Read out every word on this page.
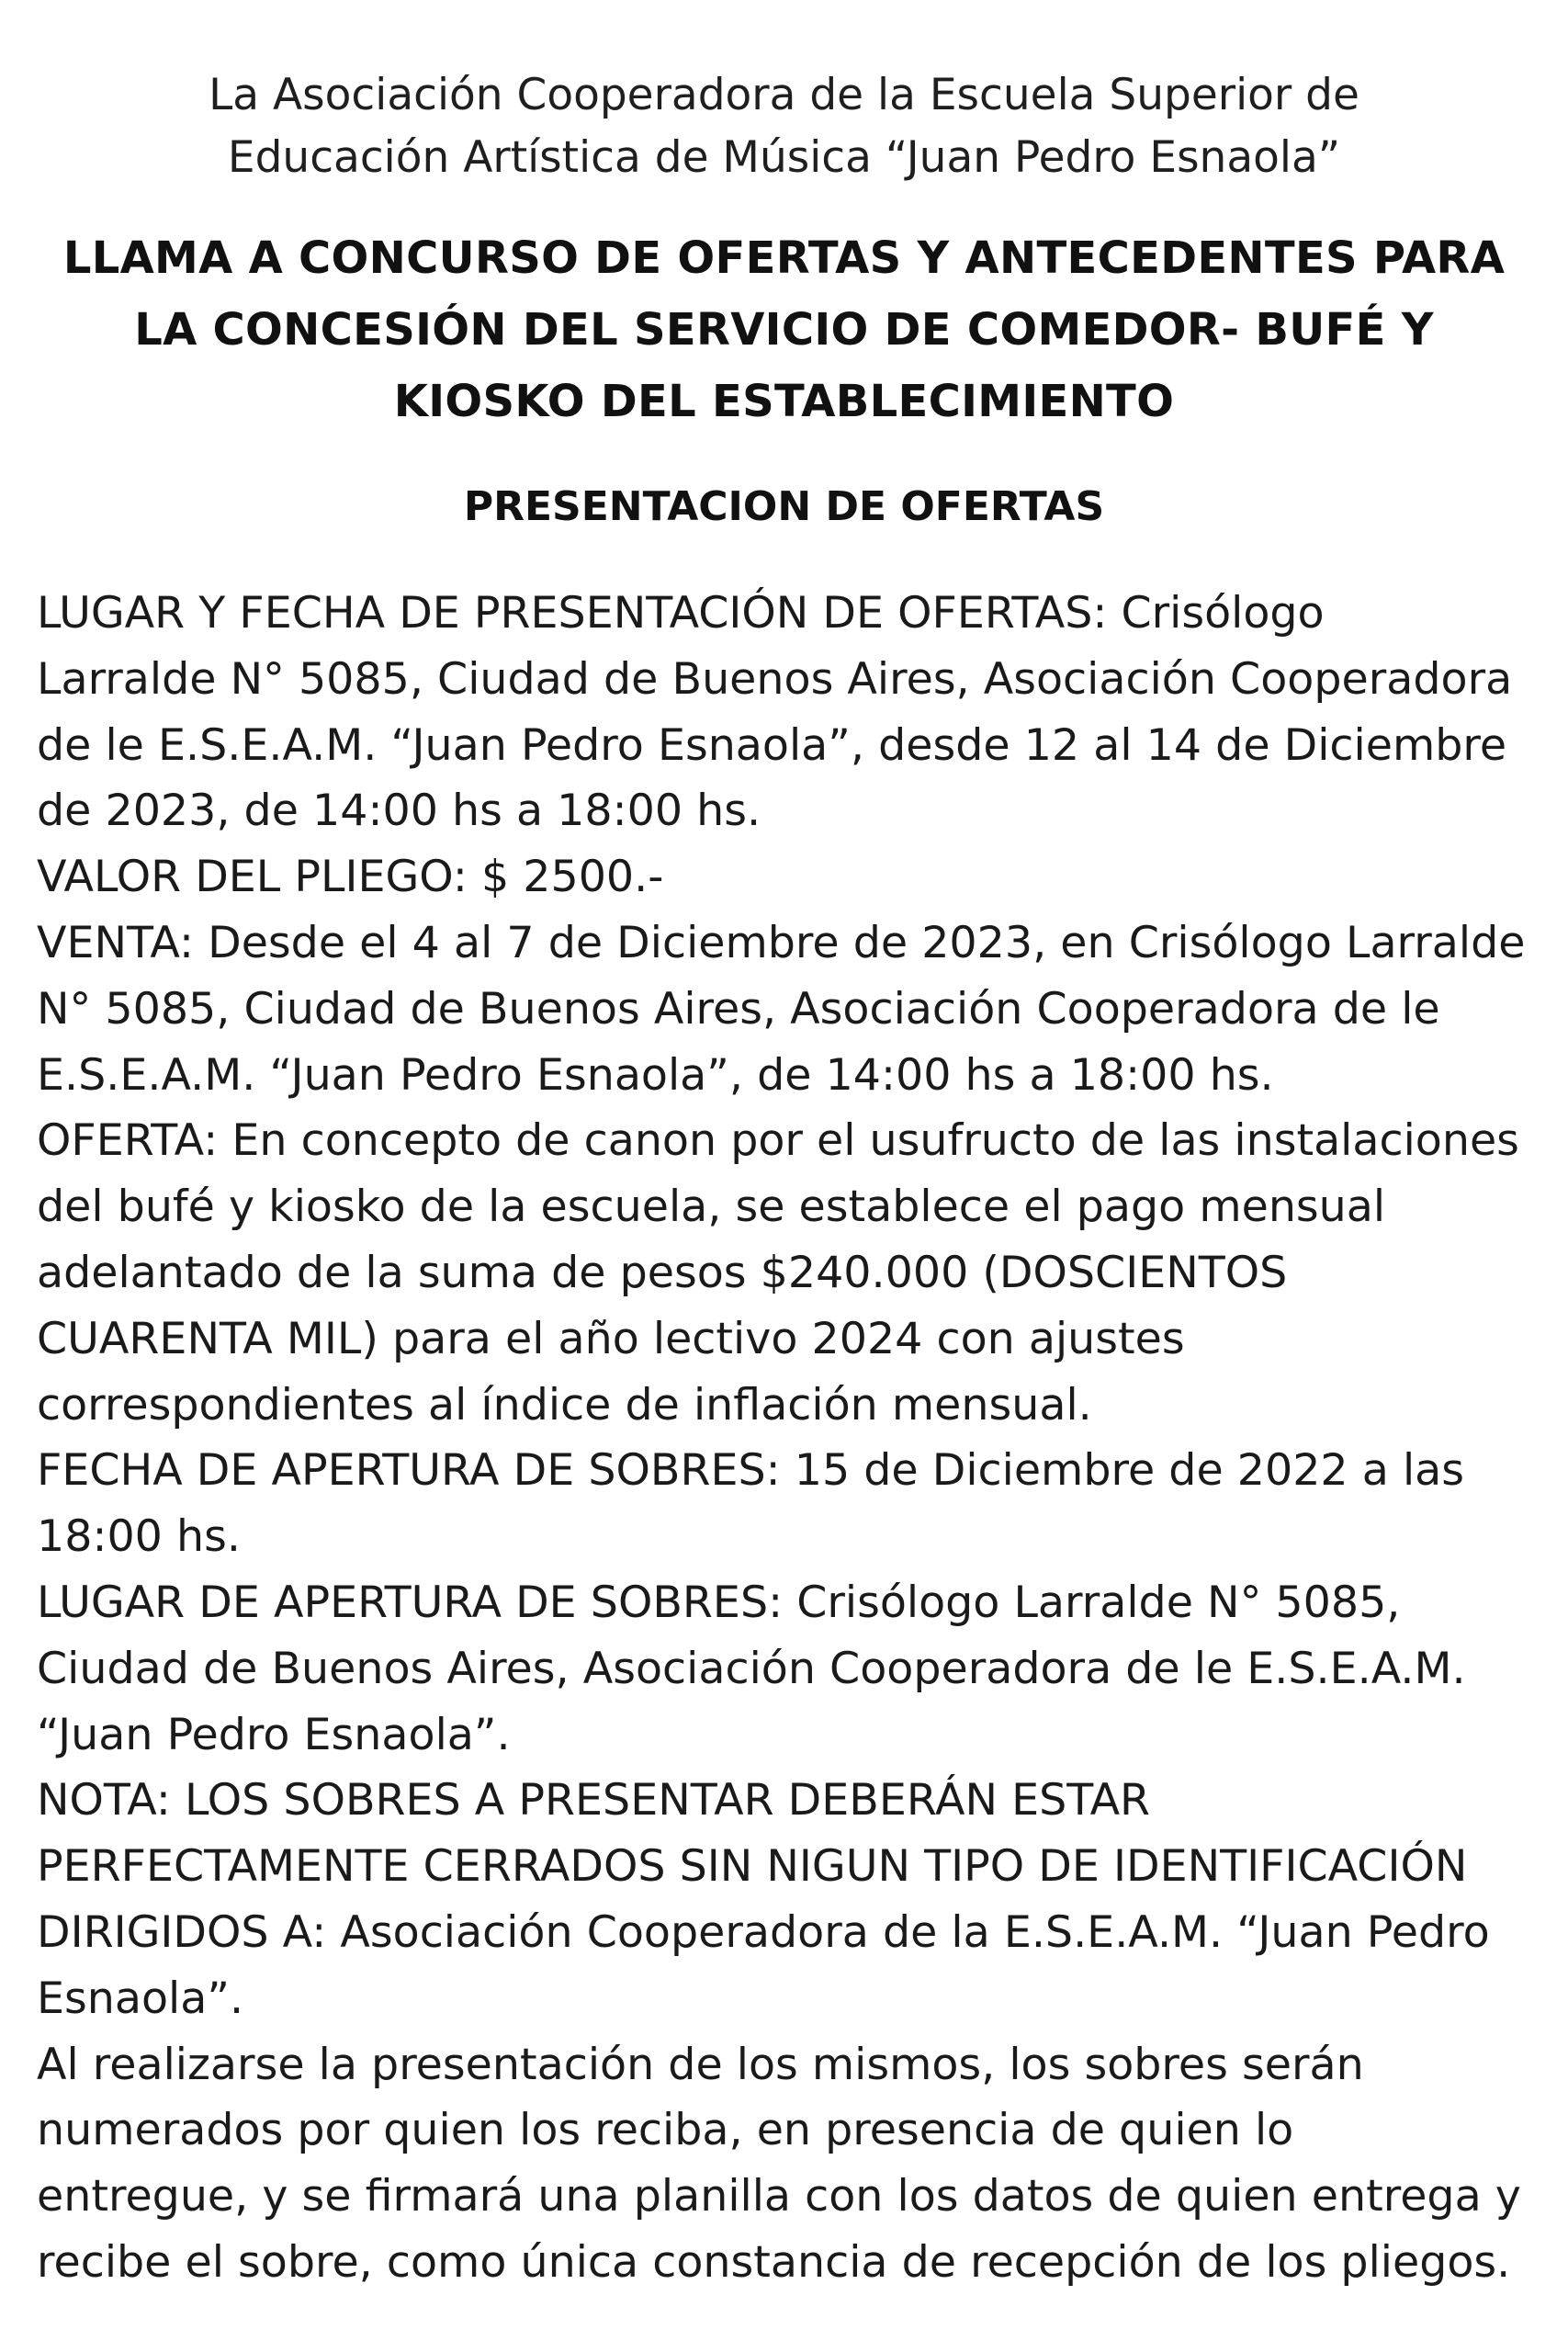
La Asociación Cooperadora de la Escuela Superior de
Educación Artística de Música “Juan Pedro Esnaola”
LLAMA A CONCURSO DE OFERTAS Y ANTECEDENTES PARA
LA CONCESIÓN DEL SERVICIO DE COMEDOR- BUFÉ Y
KIOSKO DEL ESTABLECIMIENTO
PRESENTACION DE OFERTAS
LUGAR Y FECHA DE PRESENTACIÓN DE OFERTAS: Crisólogo
Larralde N° 5085, Ciudad de Buenos Aires, Asociación Cooperadora
de le E.S.E.A.M. “Juan Pedro Esnaola”, desde 12 al 14 de Diciembre
de 2023, de 14:00 hs a 18:00 hs.
VALOR DEL PLIEGO: $ 2500.-
VENTA: Desde el 4 al 7 de Diciembre de 2023, en Crisólogo Larralde
N° 5085, Ciudad de Buenos Aires, Asociación Cooperadora de le
E.S.E.A.M. “Juan Pedro Esnaola”, de 14:00 hs a 18:00 hs.
OFERTA: En concepto de canon por el usufructo de las instalaciones
del bufé y kiosko de la escuela, se establece el pago mensual
adelantado de la suma de pesos $240.000 (DOSCIENTOS
CUARENTA MIL) para el año lectivo 2024 con ajustes
correspondientes al índice de inflación mensual.
FECHA DE APERTURA DE SOBRES: 15 de Diciembre de 2022 a las
18:00 hs.
LUGAR DE APERTURA DE SOBRES: Crisólogo Larralde N° 5085,
Ciudad de Buenos Aires, Asociación Cooperadora de le E.S.E.A.M.
“Juan Pedro Esnaola”.
NOTA: LOS SOBRES A PRESENTAR DEBERÁN ESTAR
PERFECTAMENTE CERRADOS SIN NIGUN TIPO DE IDENTIFICACIÓN
DIRIGIDOS A: Asociación Cooperadora de la E.S.E.A.M. “Juan Pedro
Esnaola”.
Al realizarse la presentación de los mismos, los sobres serán
numerados por quien los reciba, en presencia de quien lo
entregue, y se firmará una planilla con los datos de quien entrega y
recibe el sobre, como única constancia de recepción de los pliegos.
